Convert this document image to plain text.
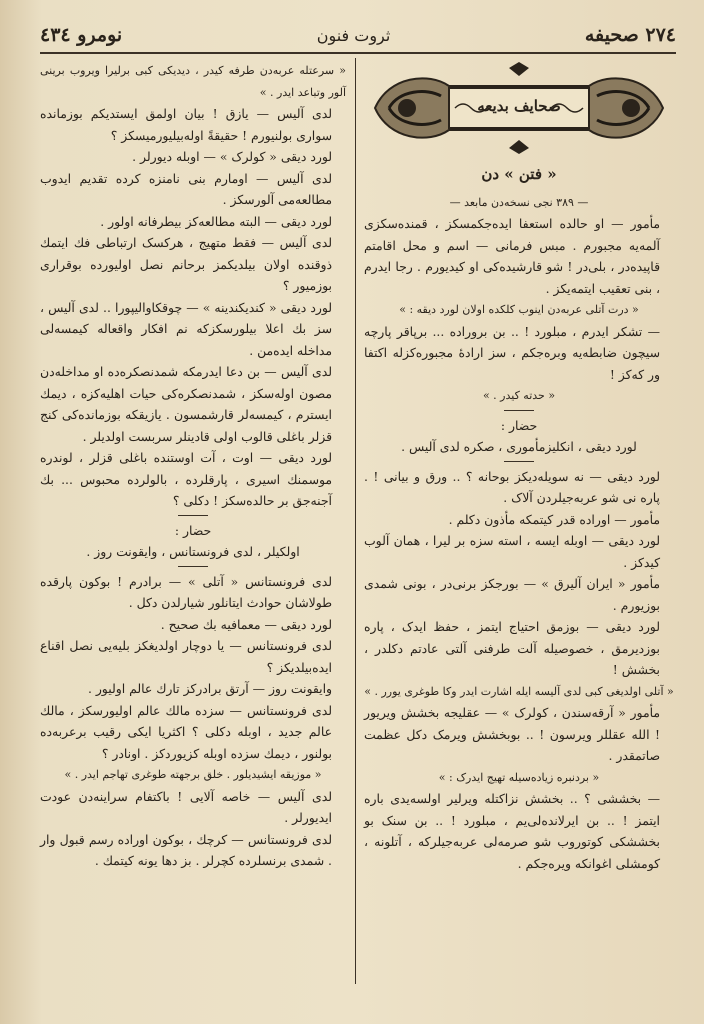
٢٧٤ صحیفه
ثروت فنون
نومرو ٤٣٤
صحایف بدیعه
« فتن » دن

— ٣٨٩ نجی نسخه‌دن مابعد —

مأمور — او حالده استعفا ایده‌جکمسکز ، قمنده‌سکزی آلمه‌یه مجبورم . مبس فرمانی — اسم و محل اقامتم قاپیده‌در ، بلی‌در ! شو قارشیده‌کی او کیدیورم . رجا ایدرم ، بنی تعقیب ایتمه‌یکز .

« درت آتلی عربه‌دن اینوب کلکده اولان لورد دیقه : »

— تشکر ایدرم ، مبلورد ! .. بن بروراده ... برپاقر پارچه سیچون ضابطه‌یه وبره‌جکم ، سز ارادهٔ مجبوره‌کزله اکتفا ور که‌کز !

« حدته کیدر . »

حضار :

لورد دیقی ، انکلیزمأموری ، صکره لدی آلیس .

لورد دیقی — نه سویله‌دیکز بوحانه ؟ .. ورق و بیانی ! . پاره نی شو عربه‌جیلردن آلاک .

مأمور — اوراده قدر کیتمکه مأذون دکلم .

لورد دیقی — اوبله ایسه ، استه سزه بر لیرا ، همان آلوب کیدکز .

مأمور « ایران آلیرق » — بورجکز برنی‌در ، بونی شمدی بوزیورم .

لورد دیقی — بوزمق احتیاج ایتمز ، حفظ ایدک ، پاره بوزدیرمق ، خصوصیله آلت طرفنی آلتی عادتم دکلدر ، بخشش !

« آتلی اولدیغی کبی لدی آلیسه ایله اشارت ایدر وکا طوغری یورر . »

مأمور « آرقه‌سندن ، کولرک » — عقلیجه بخشش ویریور ! الله عقللر ویرسون ! .. بوبخشش ویرمک دکل عظمت صاتمقدر .

« بردنبره زیاده‌سیله تهیج ایدرک : »

— بخششی ؟ .. بخشش نزاکتله ویرلیر اولسه‌یدی باره ایتمز ! .. بن ایرلانده‌لی‌یم ، مبلورد ! .. بن سنک بو بخششکی کوتوروب شو صرمه‌لی عربه‌جیلرکه ، آتلونه ، کومشلی اغوانکه ویره‌جکم .

« سرعتله عربه‌دن طرفه کیدر ، دیدیکی کبی برلیرا ویروب برینی آلور وتباعد ایدر . »

لدی آلیس — یازق ! بیان اولمق ایستدیکم بوزمانده سواری بولنیورم ! حقیقةً اوله‌بیلیورمیسکز ؟

لورد دیقی « کولرک » — اوبله دیورلر .

لدی آلیس — اومارم بنی نامنزه کرده تقدیم ایدوب مطالعه‌می آلورسکز .

لورد دیقی — البته مطالعه‌کز بیطرفانه اولور .

لدی آلیس — فقط متهیج ، هرکسک ارتباطی فك ایتمك ذوقنده اولان بیلدیکمز برحانم نصل اولیورده بوقراری بوزمیور ؟

لورد دیقی « کندیکندینه » — چوقکاوالیپورا .. لدی آلیس ، سز بك اعلا بیلورسکزکه نم افکار واقعاله کیمسه‌لی مداخله ایده‌من .

لدی آلیس — بن دعا ایدرمکه شمدنصکره‌ده او مداخله‌دن مصون اوله‌سکز ، شمدنصکره‌کی حیات اهلیه‌کزه ، دیمك ایسترم ، کیمسه‌لر قارشمسون . یازیقکه بوزمانده‌کی کنج قزلر باغلی قالوب اولی قادینلر سربست اولدیلر .

لورد دیقی — اوت ، آت اوستنده باغلی قزلر ، لوندره موسمنك اسیری ، پارقلرده ، بالولرده محبوس ... بك آجنه‌جق بر حالده‌سکز ! دکلی ؟

حضار :

اولکیلر ، لدی فرونستانس ، وایقونت روز .

لدی فرونستانس « آتلی » — برادرم ! بوکون پارقده طولاشان حوادث ایتانلور شیارلدن دکل .

لورد دیقی — معمافیه بك صحیح .

لدی فرونستانس — یا دوچار اولدیغکز بلیه‌یی نصل اقناع ایده‌بیلدیکز ؟

وایقونت روز — آرتق برادرکز تارك عالم اولیور .

لدی فرونستانس — سزده مالك عالم اولیورسکز ، مالك عالم جدید ، اوبله دکلی ؟ اکثریا ایکی رقیب برعربه‌ده بولنور ، دیمك سزده اوبله کزیوردکز . اونادر ؟

« موزیقه ایشیدیلور . خلق برجهته طوغری تهاجم ایدر . »

لدی آلیس — خاصه آلایی ! باکتفام سراینه‌دن عودت ایدیورلر .

لدی فرونستانس — کرچك ، بوکون اوراده رسم قبول وار . شمدی برنسلرده کچرلر . بز دها یونه کیتمك .
